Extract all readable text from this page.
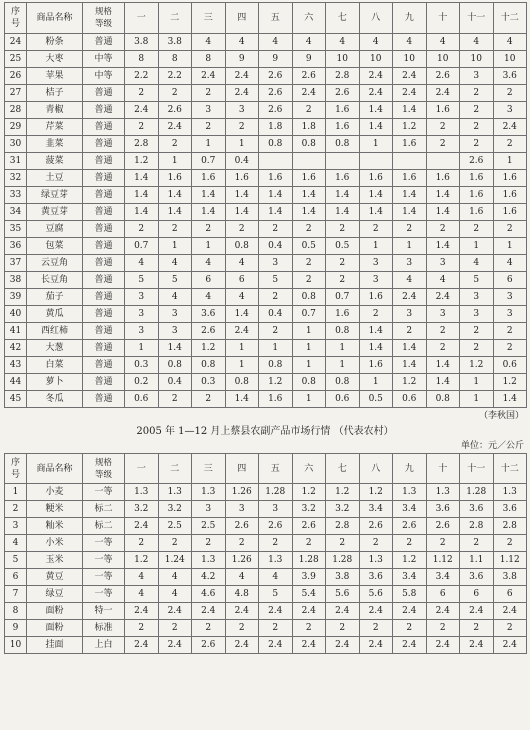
序号	商品名称	规格等级	一	二	三	四	五	六	七	八	九	十	十一	十二
24	粉条	普通	3.8	3.8	4	4	4	4	4	4	4	4	4	4
25	大枣	中等	8	8	8	9	9	9	10	10	10	10	10	10
26	苹果	中等	2.2	2.2	2.4	2.4	2.6	2.6	2.8	2.4	2.4	2.6	3	3.6
27	桔子	普通	2	2	2	2.4	2.6	2.4	2.6	2.4	2.4	2.4	2	2
28	青椒	普通	2.4	2.6	3	3	2.6	2	1.6	1.4	1.4	1.6	2	3
29	芹菜	普通	2	2.4	2	2	1.8	1.8	1.6	1.4	1.2	2	2	2.4
30	韭菜	普通	2.8	2	1	1	0.8	0.8	0.8	1	1.6	2	2	2
31	菠菜	普通	1.2	1	0.7	0.4							2.6	1
32	土豆	普通	1.4	1.6	1.6	1.6	1.6	1.6	1.6	1.6	1.6	1.6	1.6	1.6
33	绿豆芽	普通	1.4	1.4	1.4	1.4	1.4	1.4	1.4	1.4	1.4	1.4	1.6	1.6
34	黄豆芽	普通	1.4	1.4	1.4	1.4	1.4	1.4	1.4	1.4	1.4	1.4	1.6	1.6
35	豆腐	普通	2	2	2	2	2	2	2	2	2	2	2	2
36	包菜	普通	0.7	1	1	0.8	0.4	0.5	0.5	1	1	1.4	1	1
37	云豆角	普通	4	4	4	4	3	2	2	3	3	3	4	4
38	长豆角	普通	5	5	6	6	5	2	2	3	4	4	5	6
39	茄子	普通	3	4	4	4	2	0.8	0.7	1.6	2.4	2.4	3	3
40	黄瓜	普通	3	3	3.6	1.4	0.4	0.7	1.6	2	3	3	3	3
41	西红柿	普通	3	3	2.6	2.4	2	1	0.8	1.4	2	2	2	2
42	大葱	普通	1	1.4	1.2	1	1	1	1	1.4	1.4	2	2	2
43	白菜	普通	0.3	0.8	0.8	1	0.8	1	1	1.6	1.4	1.4	1.2	0.6
44	萝卜	普通	0.2	0.4	0.3	0.8	1.2	0.8	0.8	1	1.2	1.4	1	1.2
45	冬瓜	普通	0.6	2	2	1.4	1.6	1	0.6	0.5	0.6	0.8	1	1.4
（李秋国）
2005 年 1—12 月上蔡县农副产品市场行情 （代表农村）
单位：元／公斤
序号	商品名称	规格等级	一	二	三	四	五	六	七	八	九	十	十一	十二
1	小麦	一等	1.3	1.3	1.3	1.26	1.28	1.2	1.2	1.2	1.3	1.3	1.28	1.3
2	粳米	标二	3.2	3.2	3	3	3	3.2	3.2	3.4	3.4	3.6	3.6	3.6
3	籼米	标二	2.4	2.5	2.5	2.6	2.6	2.6	2.8	2.6	2.6	2.6	2.8	2.8
4	小米	一等	2	2	2	2	2	2	2	2	2	2	2	2
5	玉米	一等	1.2	1.24	1.3	1.26	1.3	1.28	1.28	1.3	1.2	1.12	1.1	1.12
6	黄豆	一等	4	4	4.2	4	4	3.9	3.8	3.6	3.4	3.4	3.6	3.8
7	绿豆	一等	4	4	4.6	4.8	5	5.4	5.6	5.6	5.8	6	6	6
8	面粉	特一	2.4	2.4	2.4	2.4	2.4	2.4	2.4	2.4	2.4	2.4	2.4	2.4
9	面粉	标准	2	2	2	2	2	2	2	2	2	2	2	2
10	挂面	上白	2.4	2.4	2.6	2.4	2.4	2.4	2.4	2.4	2.4	2.4	2.4	2.4
